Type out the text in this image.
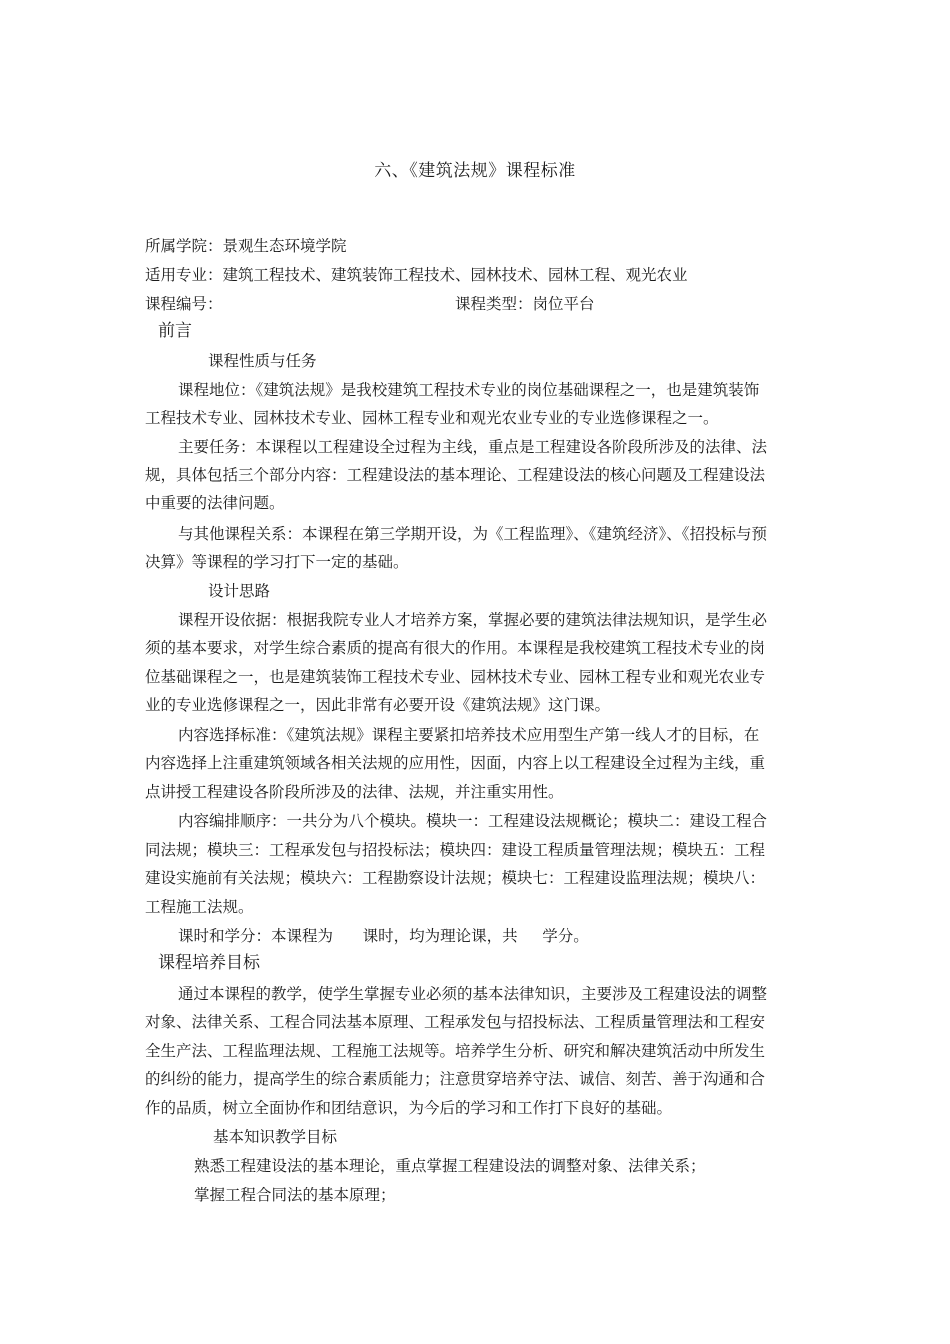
六、《建筑法规》课程标准
所属学院：景观生态环境学院
适用专业：建筑工程技术、建筑装饰工程技术、园林技术、园林工程、观光农业
课程编号：	课程类型：岗位平台
前言
课程性质与任务
课程地位：《建筑法规》是我校建筑工程技术专业的岗位基础课程之一，也是建筑装饰
工程技术专业、园林技术专业、园林工程专业和观光农业专业的专业选修课程之一。
主要任务：本课程以工程建设全过程为主线，重点是工程建设各阶段所涉及的法律、法
规，具体包括三个部分内容：工程建设法的基本理论、工程建设法的核心问题及工程建设法
中重要的法律问题。
与其他课程关系：本课程在第三学期开设，为《工程监理》、《建筑经济》、《招投标与预
决算》等课程的学习打下一定的基础。
设计思路
课程开设依据：根据我院专业人才培养方案，掌握必要的建筑法律法规知识，是学生必
须的基本要求，对学生综合素质的提高有很大的作用。本课程是我校建筑工程技术专业的岗
位基础课程之一，也是建筑装饰工程技术专业、园林技术专业、园林工程专业和观光农业专
业的专业选修课程之一，因此非常有必要开设《建筑法规》这门课。
内容选择标准：《建筑法规》课程主要紧扣培养技术应用型生产第一线人才的目标，在
内容选择上注重建筑领域各相关法规的应用性，因面，内容上以工程建设全过程为主线，重
点讲授工程建设各阶段所涉及的法律、法规，并注重实用性。
内容编排顺序：一共分为八个模块。模块一：工程建设法规概论；模块二：建设工程合
同法规；模块三：工程承发包与招投标法；模块四：建设工程质量管理法规；模块五：工程
建设实施前有关法规；模块六：工程勘察设计法规；模块七：工程建设监理法规；模块八：
工程施工法规。
课时和学分：本课程为      课时，均为理论课，共     学分。
课程培养目标
通过本课程的教学，使学生掌握专业必须的基本法律知识，主要涉及工程建设法的调整
对象、法律关系、工程合同法基本原理、工程承发包与招投标法、工程质量管理法和工程安
全生产法、工程监理法规、工程施工法规等。培养学生分析、研究和解决建筑活动中所发生
的纠纷的能力，提高学生的综合素质能力；注意贯穿培养守法、诚信、刻苦、善于沟通和合
作的品质，树立全面协作和团结意识，为今后的学习和工作打下良好的基础。
基本知识教学目标
熟悉工程建设法的基本理论，重点掌握工程建设法的调整对象、法律关系；
掌握工程合同法的基本原理；
